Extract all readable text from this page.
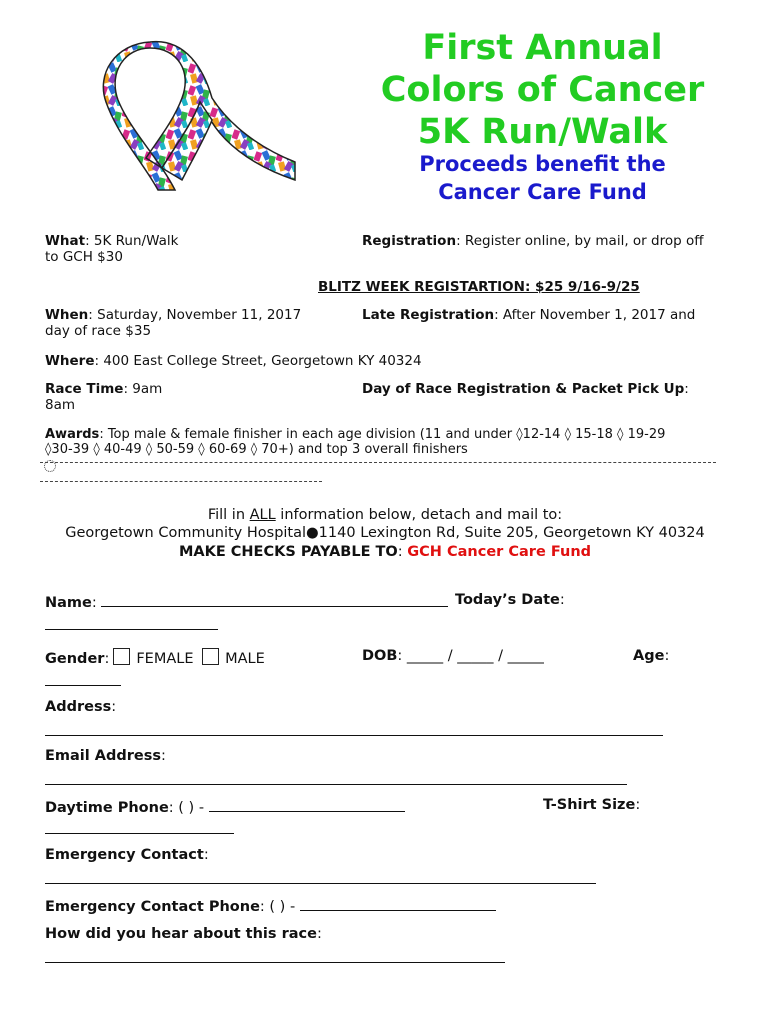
First Annual
Colors of Cancer
5K Run/Walk
Proceeds benefit the Cancer Care Fund
What: 5K Run/Walk
to GCH $30
Registration: Register online, by mail, or drop off
BLITZ WEEK REGISTARTION: $25 9/16-9/25
When: Saturday, November 11, 2017
day of race $35
Late Registration: After November 1, 2017 and
Where: 400 East College Street, Georgetown KY 40324
Race Time: 9am
8am
Day of Race Registration & Packet Pick Up:
Awards: Top male & female finisher in each age division (11 and under ◊12-14 ◊ 15-18 ◊ 19-29
◊30-39 ◊ 40-49 ◊ 50-59 ◊ 60-69 ◊ 70+) and top 3 overall finishers
Fill in ALL information below, detach and mail to:
Georgetown Community Hospital●1140 Lexington Rd, Suite 205, Georgetown KY 40324
MAKE CHECKS PAYABLE TO: GCH Cancer Care Fund
Name:	Today’s Date:
Gender: FEMALE MALE	DOB: _____ / _____ / _____	Age:
Address:
Email Address:
Daytime Phone: ( ) -	T-Shirt Size:
Emergency Contact:
Emergency Contact Phone: ( ) -
How did you hear about this race:
